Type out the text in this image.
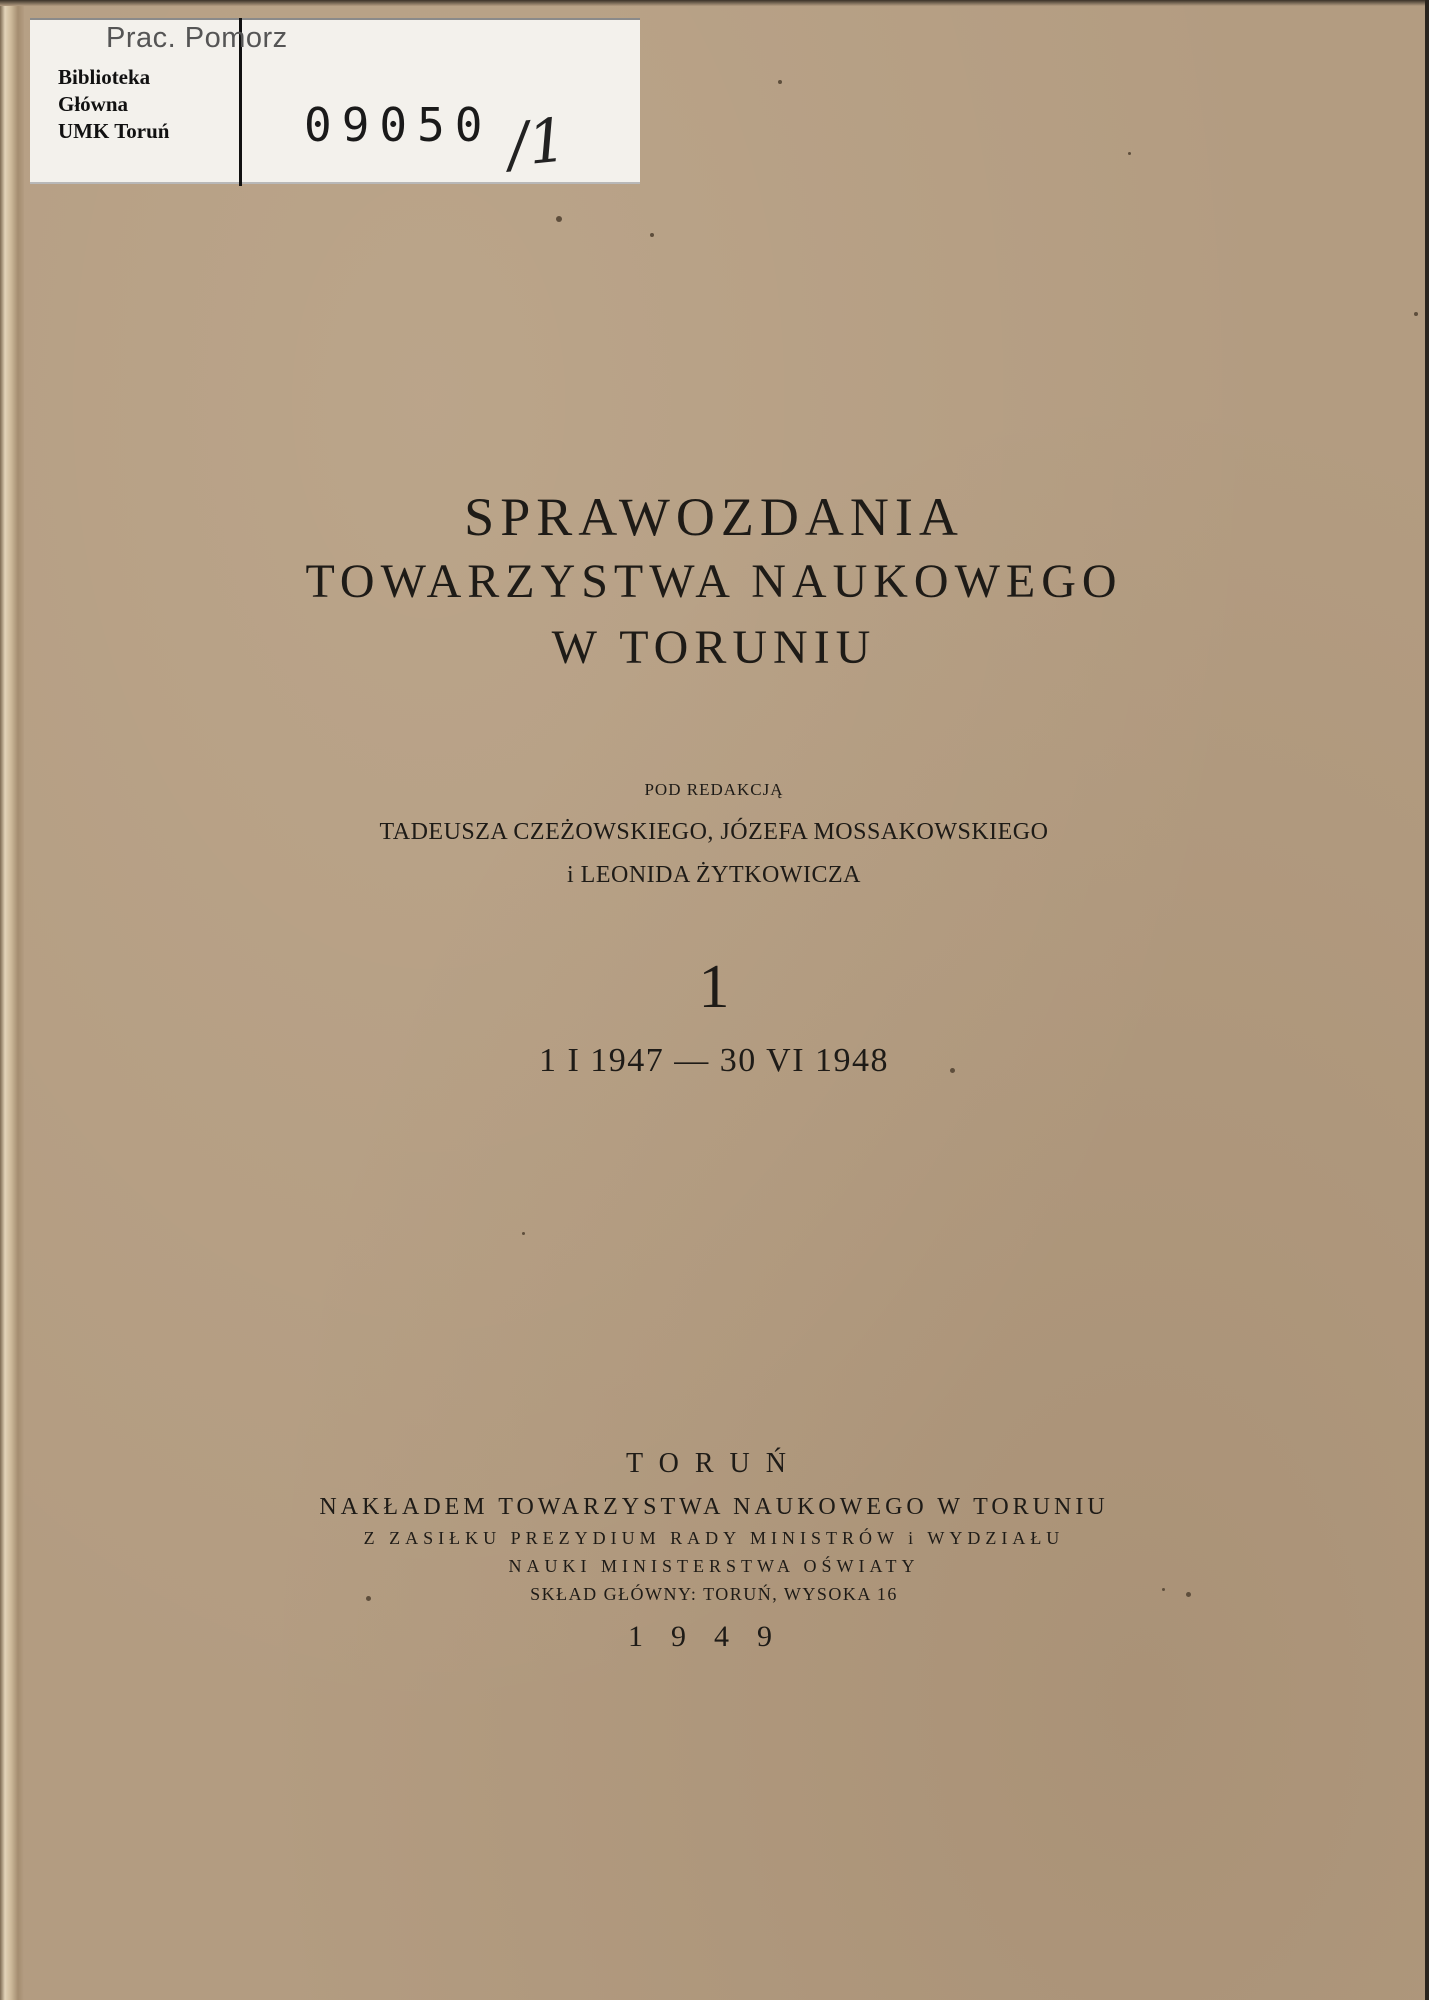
Prac. Pomorz
Biblioteka
Główna
UMK Toruń	09050 /1
SPRAWOZDANIA
TOWARZYSTWA NAUKOWEGO
W TORUNIU
POD REDAKCJĄ
TADEUSZA CZEŻOWSKIEGO, JÓZEFA MOSSAKOWSKIEGO
i LEONIDA ŻYTKOWICZA
1
1 I 1947 — 30 VI 1948
TORUŃ
NAKŁADEM TOWARZYSTWA NAUKOWEGO W TORUNIU
Z ZASIŁKU PREZYDIUM RADY MINISTRÓW i WYDZIAŁU
NAUKI MINISTERSTWA OŚWIATY
SKŁAD GŁÓWNY: TORUŃ, WYSOKA 16
1949
